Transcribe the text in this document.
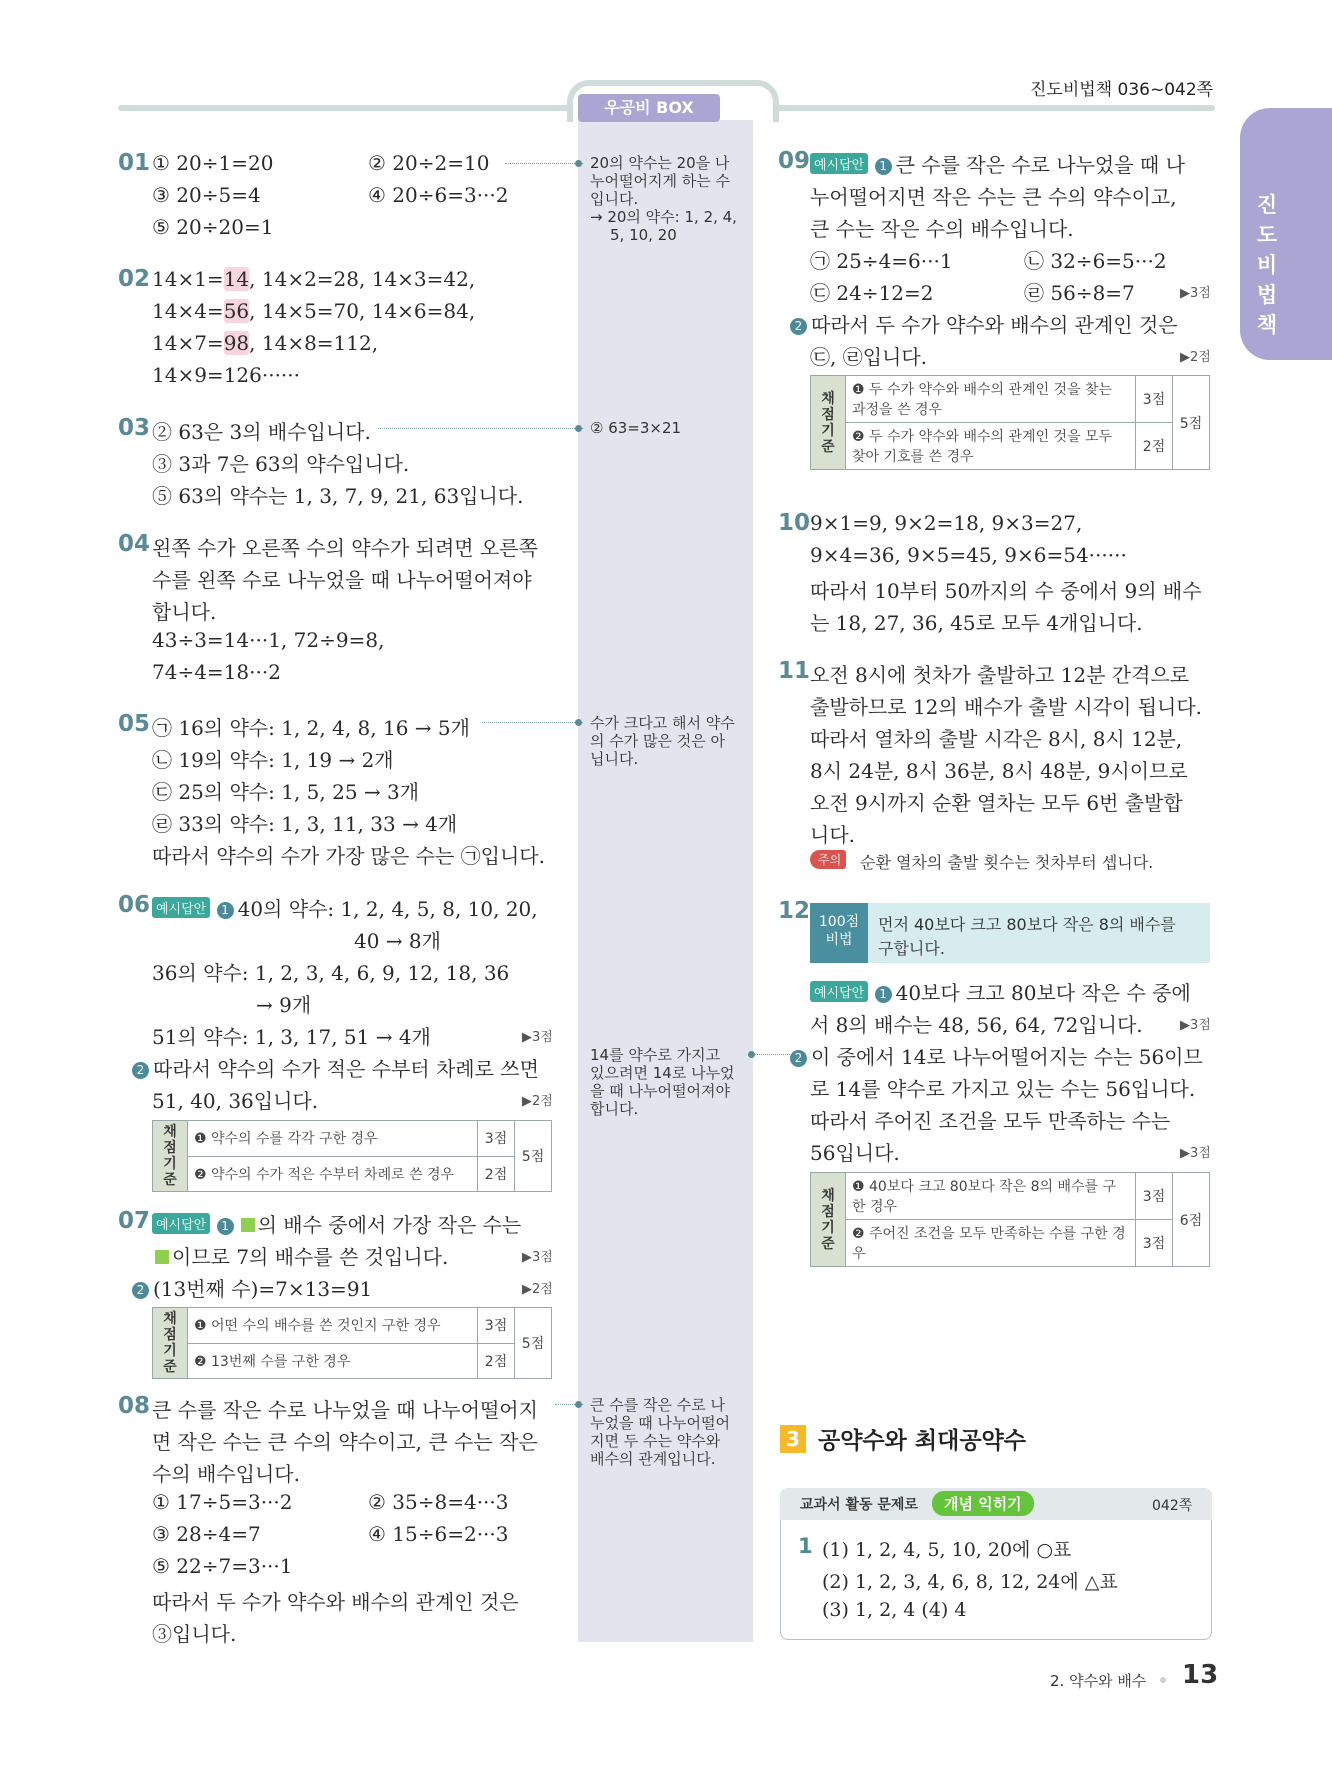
우공비 BOX
진도비법책 036~042쪽
진도비법책
01 ① 20÷1=20	② 20÷2=10
③ 20÷5=4	④ 20÷6=3···2
⑤ 20÷20=1
02 14×1=14, 14×2=28, 14×3=42,
14×4=56, 14×5=70, 14×6=84,
14×7=98, 14×8=112,
14×9=126······
03 ② 63은 3의 배수입니다.
③ 3과 7은 63의 약수입니다.
⑤ 63의 약수는 1, 3, 7, 9, 21, 63입니다.
04 왼쪽 수가 오른쪽 수의 약수가 되려면 오른쪽
수를 왼쪽 수로 나누었을 때 나누어떨어져야
합니다.
43÷3=14···1, 72÷9=8,
74÷4=18···2
05 ㉠ 16의 약수: 1, 2, 4, 8, 16 → 5개
㉡ 19의 약수: 1, 19 → 2개
㉢ 25의 약수: 1, 5, 25 → 3개
㉣ 33의 약수: 1, 3, 11, 33 → 4개
따라서 약수의 수가 가장 많은 수는 ㉠입니다.
06 예시답안 1 40의 약수: 1, 2, 4, 5, 8, 10, 20,
40 → 8개
36의 약수: 1, 2, 3, 4, 6, 9, 12, 18, 36
→ 9개
51의 약수: 1, 3, 17, 51 → 4개	▶3점
2 따라서 약수의 수가 적은 수부터 차례로 쓰면
51, 40, 36입니다.	▶2점
채점 기준	❶ 약수의 수를 각각 구한 경우	3점	5점
	❷ 약수의 수가 적은 수부터 차례로 쓴 경우	2점	
07 예시답안 1 의 배수 중에서 가장 작은 수는
이므로 7의 배수를 쓴 것입니다.	▶3점
2 (13번째 수)=7×13=91	▶2점
채점 기준	❶ 어떤 수의 배수를 쓴 것인지 구한 경우	3점	5점
	❷ 13번째 수를 구한 경우	2점	
08 큰 수를 작은 수로 나누었을 때 나누어떨어지
면 작은 수는 큰 수의 약수이고, 큰 수는 작은
수의 배수입니다.
① 17÷5=3···2	② 35÷8=4···3
③ 28÷4=7	④ 15÷6=2···3
⑤ 22÷7=3···1
따라서 두 수가 약수와 배수의 관계인 것은
③입니다.
20의 약수는 20을 나
누어떨어지게 하는 수
입니다.
→ 20의 약수: 1, 2, 4,
5, 10, 20
② 63=3×21
수가 크다고 해서 약수
의 수가 많은 것은 아
닙니다.
14를 약수로 가지고
있으려면 14로 나누었
을 때 나누어떨어져야
합니다.
큰 수를 작은 수로 나
누었을 때 나누어떨어
지면 두 수는 약수와
배수의 관계입니다.
09 예시답안 1 큰 수를 작은 수로 나누었을 때 나
누어떨어지면 작은 수는 큰 수의 약수이고,
큰 수는 작은 수의 배수입니다.
㉠ 25÷4=6···1	㉡ 32÷6=5···2
㉢ 24÷12=2	㉣ 56÷8=7	▶3점
2 따라서 두 수가 약수와 배수의 관계인 것은
㉢, ㉣입니다.	▶2점
채점 기준	❶ 두 수가 약수와 배수의 관계인 것을 찾는 과정을 쓴 경우	3점	5점
	❷ 두 수가 약수와 배수의 관계인 것을 모두 찾아 기호를 쓴 경우	2점	
10 9×1=9, 9×2=18, 9×3=27,
9×4=36, 9×5=45, 9×6=54······
따라서 10부터 50까지의 수 중에서 9의 배수
는 18, 27, 36, 45로 모두 4개입니다.
11 오전 8시에 첫차가 출발하고 12분 간격으로
출발하므로 12의 배수가 출발 시각이 됩니다.
따라서 열차의 출발 시각은 8시, 8시 12분,
8시 24분, 8시 36분, 8시 48분, 9시이므로
오전 9시까지 순환 열차는 모두 6번 출발합
니다.
주의	순환 열차의 출발 횟수는 첫차부터 셉니다.
12 100점 비법
먼저 40보다 크고 80보다 작은 8의 배수를
구합니다.
예시답안 1 40보다 크고 80보다 작은 수 중에
서 8의 배수는 48, 56, 64, 72입니다.	▶3점
2 이 중에서 14로 나누어떨어지는 수는 56이므
로 14를 약수로 가지고 있는 수는 56입니다.
따라서 주어진 조건을 모두 만족하는 수는
56입니다.	▶3점
채점 기준	❶ 40보다 크고 80보다 작은 8의 배수를 구한 경우	3점	6점
	❷ 주어진 조건을 모두 만족하는 수를 구한 경우	3점	
3 공약수와 최대공약수
교과서 활동 문제로	개념 익히기	042쪽
1 (1) 1, 2, 4, 5, 10, 20에 ○표
(2) 1, 2, 3, 4, 6, 8, 12, 24에 △표
(3) 1, 2, 4 (4) 4
2. 약수와 배수 13
